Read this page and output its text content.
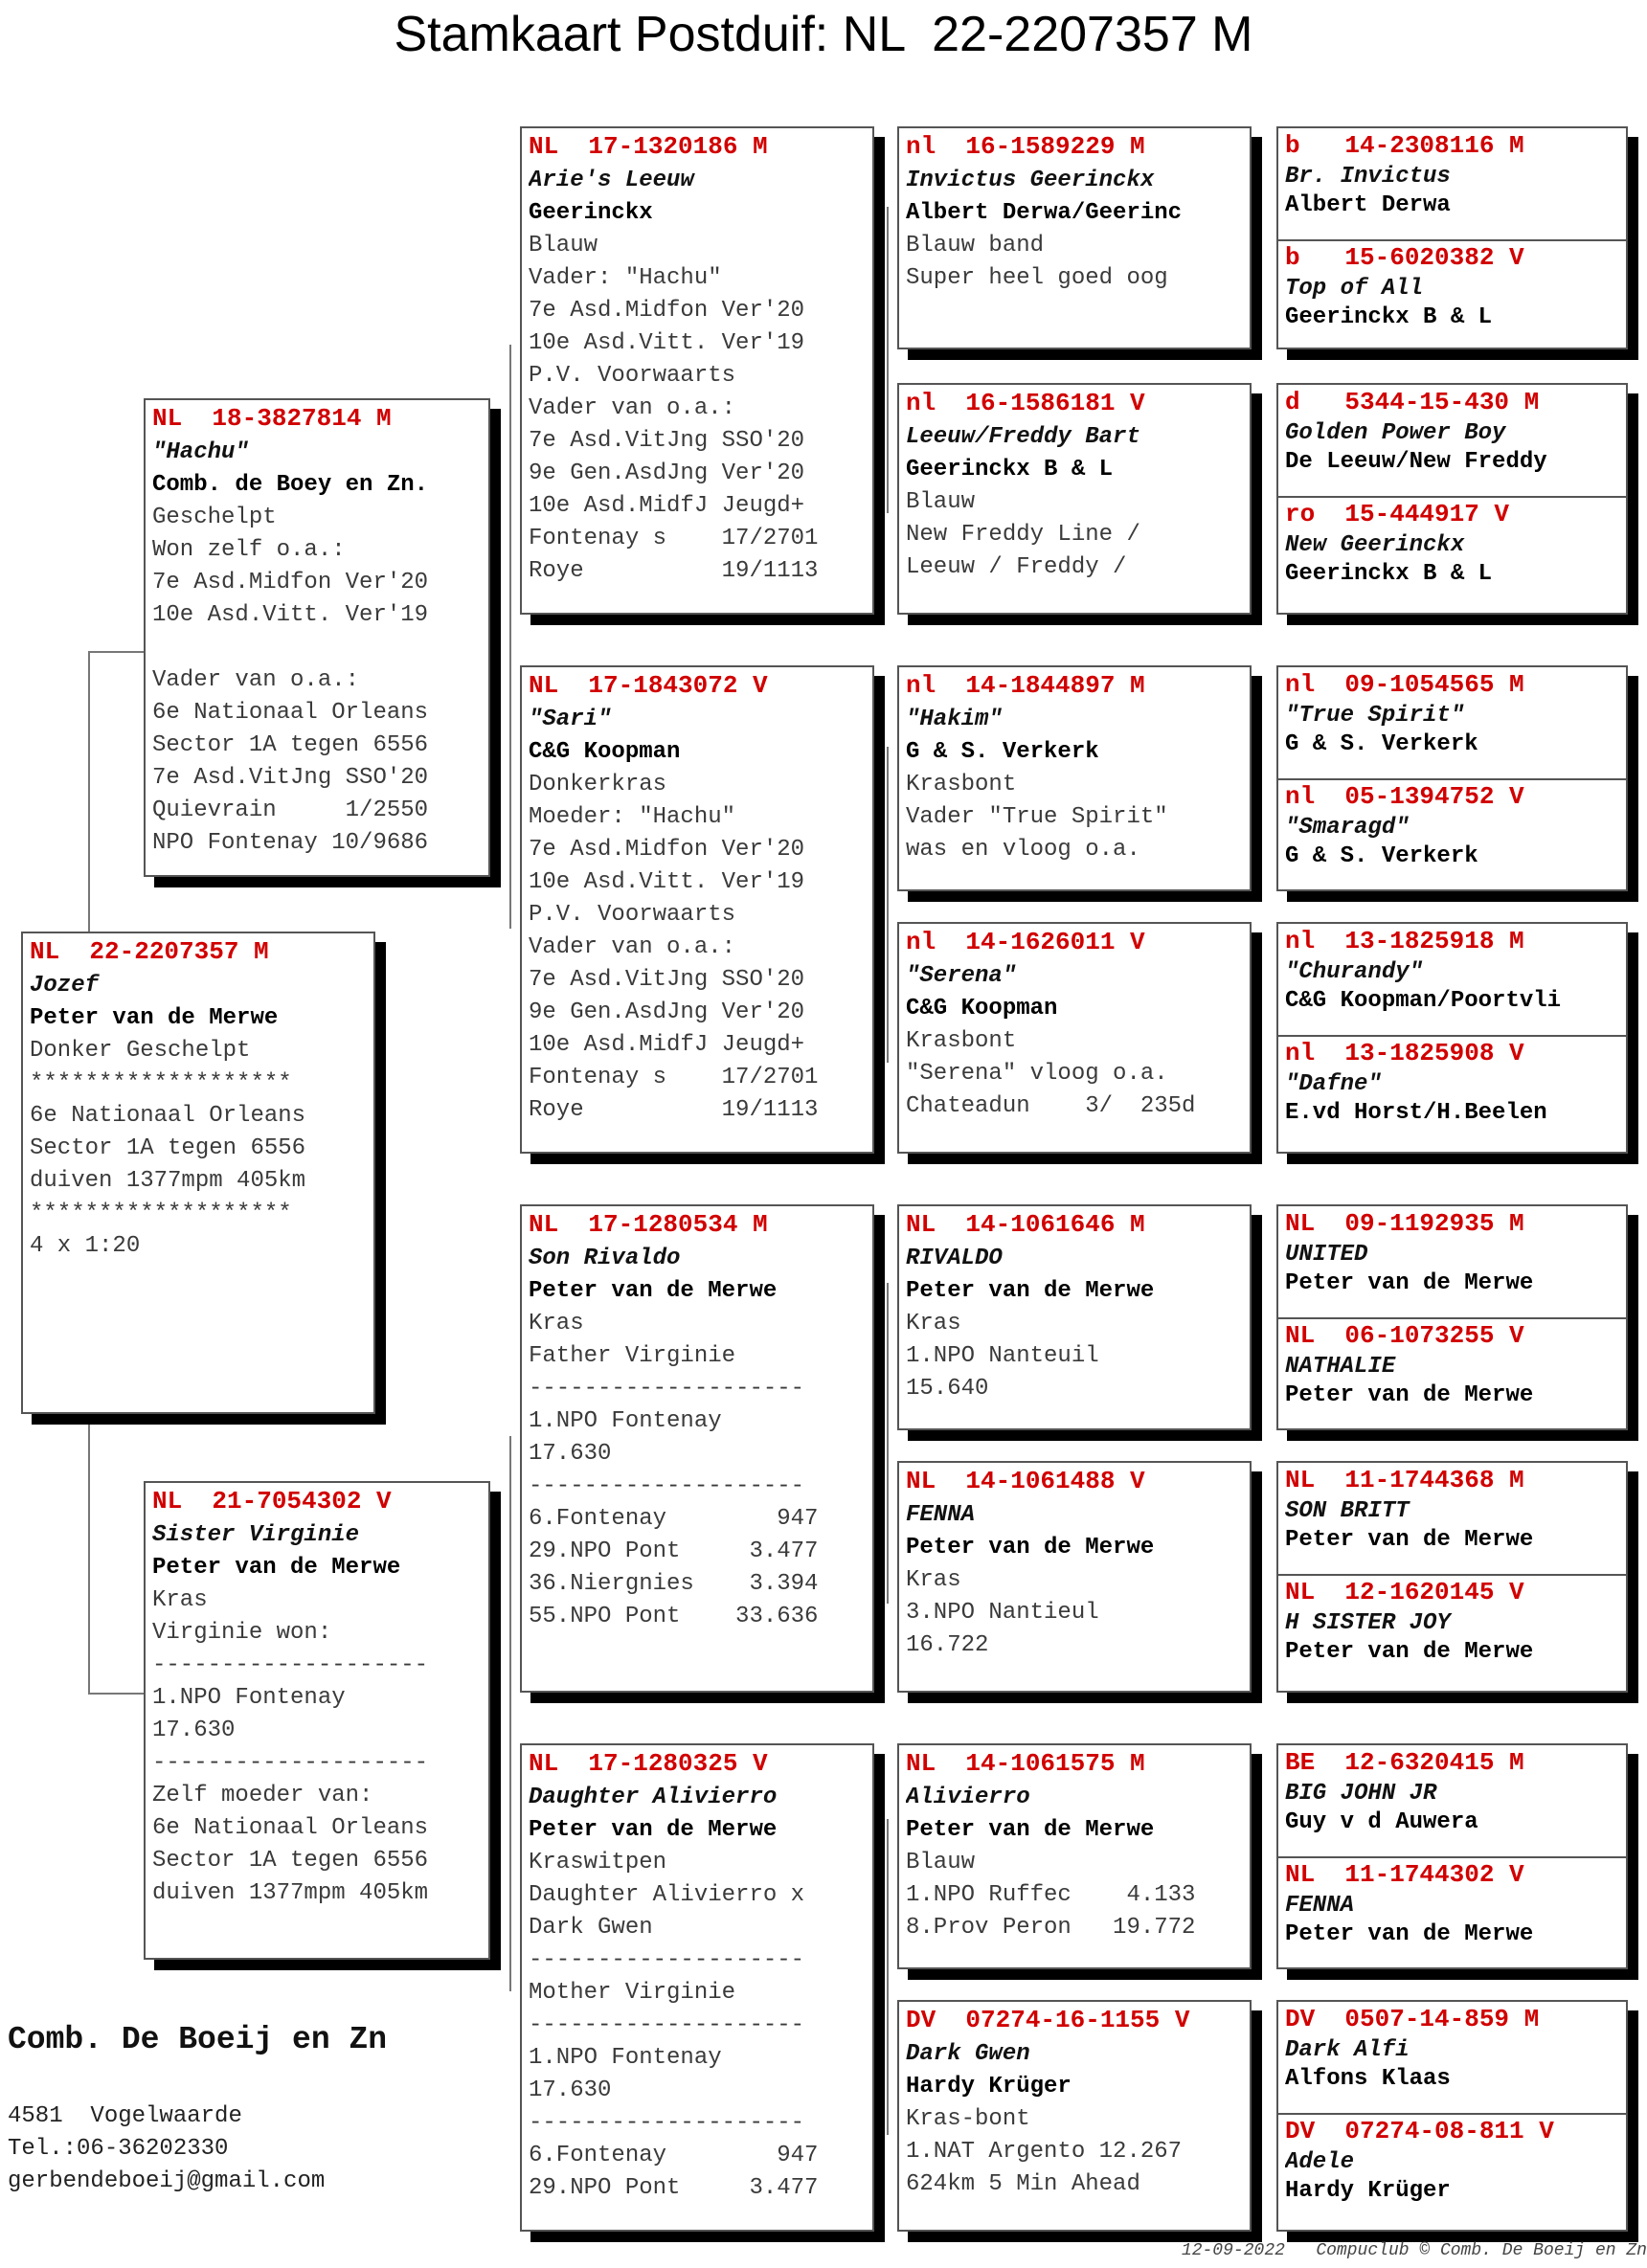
Stamkaart Postduif: NL  22-2207357 M
NL  22-2207357 M
Jozef
Peter van de Merwe
Donker Geschelpt
*******************
6e Nationaal Orleans
Sector 1A tegen 6556
duiven 1377mpm 405km
*******************
4 x 1:20
NL  18-3827814 M
"Hachu"
Comb. de Boey en Zn.
Geschelpt
Won zelf o.a.:
7e Asd.Midfon Ver'20
10e Asd.Vitt. Ver'19
Vader van o.a.:
6e Nationaal Orleans
Sector 1A tegen 6556
7e Asd.VitJng SSO'20
Quievrain     1/2550
NPO Fontenay 10/9686
NL  21-7054302 V
Sister Virginie
Peter van de Merwe
Kras
Virginie won:
--------------------
1.NPO Fontenay
17.630
--------------------
Zelf moeder van:
6e Nationaal Orleans
Sector 1A tegen 6556
duiven 1377mpm 405km
NL  17-1320186 M
Arie's Leeuw
Geerinckx
Blauw
Vader: "Hachu"
7e Asd.Midfon Ver'20
10e Asd.Vitt. Ver'19
P.V. Voorwaarts
Vader van o.a.:
7e Asd.VitJng SSO'20
9e Gen.AsdJng Ver'20
10e Asd.MidfJ Jeugd+
Fontenay s    17/2701
Roye          19/1113
NL  17-1843072 V
"Sari"
C&G Koopman
Donkerkras
Moeder: "Hachu"
7e Asd.Midfon Ver'20
10e Asd.Vitt. Ver'19
P.V. Voorwaarts
Vader van o.a.:
7e Asd.VitJng SSO'20
9e Gen.AsdJng Ver'20
10e Asd.MidfJ Jeugd+
Fontenay s    17/2701
Roye          19/1113
NL  17-1280534 M
Son Rivaldo
Peter van de Merwe
Kras
Father Virginie
--------------------
1.NPO Fontenay
17.630
--------------------
6.Fontenay        947
29.NPO Pont     3.477
36.Niergnies    3.394
55.NPO Pont    33.636
NL  17-1280325 V
Daughter Alivierro
Peter van de Merwe
Kraswitpen
Daughter Alivierro x
Dark Gwen
--------------------
Mother Virginie
--------------------
1.NPO Fontenay
17.630
--------------------
6.Fontenay        947
29.NPO Pont     3.477
nl  16-1589229 M
Invictus Geerinckx
Albert Derwa/Geerinc
Blauw band
Super heel goed oog
nl  16-1586181 V
Leeuw/Freddy Bart
Geerinckx B & L
Blauw
New Freddy Line /
Leeuw / Freddy /
nl  14-1844897 M
"Hakim"
G & S. Verkerk
Krasbont
Vader "True Spirit"
was en vloog o.a.
nl  14-1626011 V
"Serena"
C&G Koopman
Krasbont
"Serena" vloog o.a.
Chateadun    3/  235d
NL  14-1061646 M
RIVALDO
Peter van de Merwe
Kras
1.NPO Nanteuil
15.640
NL  14-1061488 V
FENNA
Peter van de Merwe
Kras
3.NPO Nantieul
16.722
NL  14-1061575 M
Alivierro
Peter van de Merwe
Blauw
1.NPO Ruffec    4.133
8.Prov Peron   19.772
DV  07274-16-1155 V
Dark Gwen
Hardy Krüger
Kras-bont
1.NAT Argento 12.267
624km 5 Min Ahead
b   14-2308116 M
Br. Invictus
Albert Derwa
b   15-6020382 V
Top of All
Geerinckx B & L
d   5344-15-430 M
Golden Power Boy
De Leeuw/New Freddy
ro  15-444917 V
New Geerinckx
Geerinckx B & L
nl  09-1054565 M
"True Spirit"
G & S. Verkerk
nl  05-1394752 V
"Smaragd"
G & S. Verkerk
nl  13-1825918 M
"Churandy"
C&G Koopman/Poortvli
nl  13-1825908 V
"Dafne"
E.vd Horst/H.Beelen
NL  09-1192935 M
UNITED
Peter van de Merwe
NL  06-1073255 V
NATHALIE
Peter van de Merwe
NL  11-1744368 M
SON BRITT
Peter van de Merwe
NL  12-1620145 V
H SISTER JOY
Peter van de Merwe
BE  12-6320415 M
BIG JOHN JR
Guy v d Auwera
NL  11-1744302 V
FENNA
Peter van de Merwe
DV  0507-14-859 M
Dark Alfi
Alfons Klaas
DV  07274-08-811 V
Adele
Hardy Krüger
Comb. De Boeij en Zn
4581  Vogelwaarde
Tel.:06-36202330
gerbendeboeij@gmail.com
12-09-2022   Compuclub © Comb. De Boeij en Zn
